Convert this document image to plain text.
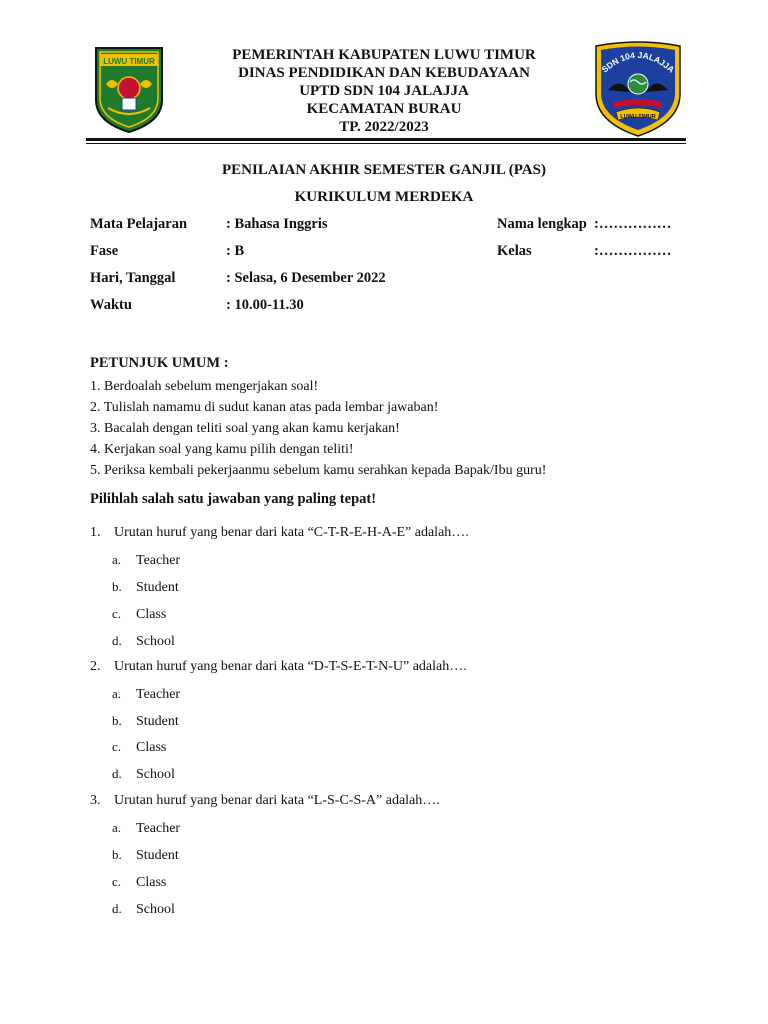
LUWU TIMUR	PEMERINTAH KABUPATEN LUWU TIMUR
DINAS PENDIDIKAN DAN KEBUDAYAAN
UPTD SDN 104 JALAJJA
KECAMATAN BURAU
TP. 2022/2023
SDN 104 JALAJJA
LUWU TIMUR
PENILAIAN AKHIR SEMESTER GANJIL (PAS)
KURIKULUM MERDEKA
Mata Pelajaran	: Bahasa Inggris
Fase	: B
Hari, Tanggal	: Selasa, 6 Desember 2022
Waktu	: 10.00-11.30
Nama lengkap :……………
Kelas	:……………
PETUNJUK UMUM :
1. Berdoalah sebelum mengerjakan soal!
2. Tulislah namamu di sudut kanan atas pada lembar jawaban!
3. Bacalah dengan teliti soal yang akan kamu kerjakan!
4. Kerjakan soal yang kamu pilih dengan teliti!
5. Periksa kembali pekerjaanmu sebelum kamu serahkan kepada Bapak/Ibu guru!
Pilihlah salah satu jawaban yang paling tepat!
1. Urutan huruf yang benar dari kata “C-T-R-E-H-A-E” adalah….
a. Teacher
b. Student
c. Class
d. School
2. Urutan huruf yang benar dari kata “D-T-S-E-T-N-U” adalah….
a. Teacher
b. Student
c. Class
d. School
3. Urutan huruf yang benar dari kata “L-S-C-S-A” adalah….
a. Teacher
b. Student
c. Class
d. School
